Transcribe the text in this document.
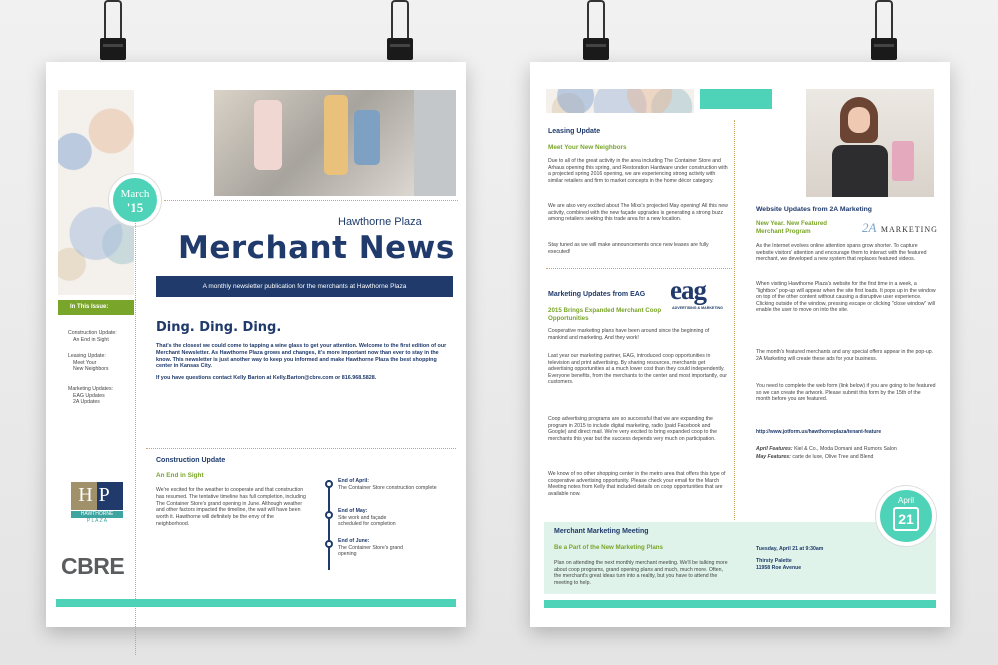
March
'15
Hawthorne Plaza
Merchant News
A monthly newsletter publication for the merchants at Hawthorne Plaza
In This Issue:
Construction Update:
An End in Sight
Leasing Update:
Meet Your
New Neighbors
Marketing Updates:
EAG Updates
2A Updates
Ding. Ding. Ding.
That's the closest we could come to tapping a wine glass to get your attention. Welcome to the first edition of our Merchant Newsletter. As Hawthorne Plaza grows and changes, it's more important now than ever to stay in the know. This newsletter is just another way to keep you informed and make Hawthorne Plaza the best shopping center in Kansas City.
If you have questions contact Kelly Barton at Kelly.Barton@cbre.com or 816.968.5828.
Construction Update
An End in Sight
We're excited for the weather to cooperate and that construction has resumed. The tentative timeline has full completion, including The Container Store's grand opening in June. Although weather and other factors impacted the timeline, the wait will have been worth it. Hawthorne will definitely be the envy of the neighborhood.
End of April:
The Container Store construction complete
End of May:
Site work and façade scheduled for completion
End of June:
The Container Store's grand opening
HP
HAWTHORNE
P L A Z A
CBRE
Leasing Update
Meet Your New Neighbors
Due to all of the great activity in the area including The Container Store and Arhaus opening this spring, and Restoration Hardware under construction with a projected spring 2016 opening, we are experiencing strong activity with similar retailers and firm to market concepts in the home décor category.
We are also very excited about The Mixx's projected May opening! All this new activity, combined with the new façade upgrades is generating a strong buzz among retailers seeking this trade area for a new location.
Stay tuned as we will make announcements once new leases are fully executed!
Marketing Updates from EAG eag
ADVERTISING & MARKETING
2015 Brings Expanded Merchant Coop Opportunities
Cooperative marketing plans have been around since the beginning of mankind and marketing. And they work!
Last year our marketing partner, EAG, introduced coop opportunities in television and print advertising. By sharing resources, merchants get advertising opportunities at a much lower cost than they could independently. Everyone benefits, from the merchants to the center and most importantly, our customers.
Coop advertising programs are so successful that we are expanding the program in 2015 to include digital marketing, radio (paid Facebook and Google) and direct mail. We're very excited to bring expanded coop to the merchants this year but the success depends very much on participation.
We know of no other shopping center in the metro area that offers this type of cooperative advertising opportunity. Please check your email for the March Meeting notes from Kelly that included details on coop opportunities that are available now.
Website Updates from 2A Marketing
New Year. New Featured Merchant Program	2A MARKETING
As the Internet evolves online attention spans grow shorter. To capture website visitors' attention and encourage them to interact with the featured merchant, we developed a new system that replaces featured videos.
When visiting Hawthorne Plaza's website for the first time in a week, a "lightbox" pop-up will appear when the site first loads. It pops up in the window on top of the other content without causing a disruptive user experience. Clicking outside of the window, pressing escape or clicking "close window" will enable the user to move on into the site.
The month's featured merchants and any special offers appear in the pop-up. 2A Marketing will create these ads for your business.
You need to complete the web form (link below) if you are going to be featured so we can create the artwork. Please submit this form by the 15th of the month before you are featured.
http://www.jotform.us/hawthorneplaza/tenant-feature
April Features: Kiel & Co., Moda Domani and Rumors Salon
May Features: carte de luxe, Olive Tree and Blend
Merchant Marketing Meeting
Be a Part of the New Marketing Plans
Plan on attending the next monthly merchant meeting. We'll be talking more about coop programs, grand opening plans and much, much more. Often, the merchant's great ideas turn into a reality, but you have to attend the meeting to help.
Tuesday, April 21 at 9:30am
Thirsty Palette
11958 Roe Avenue
April
21
